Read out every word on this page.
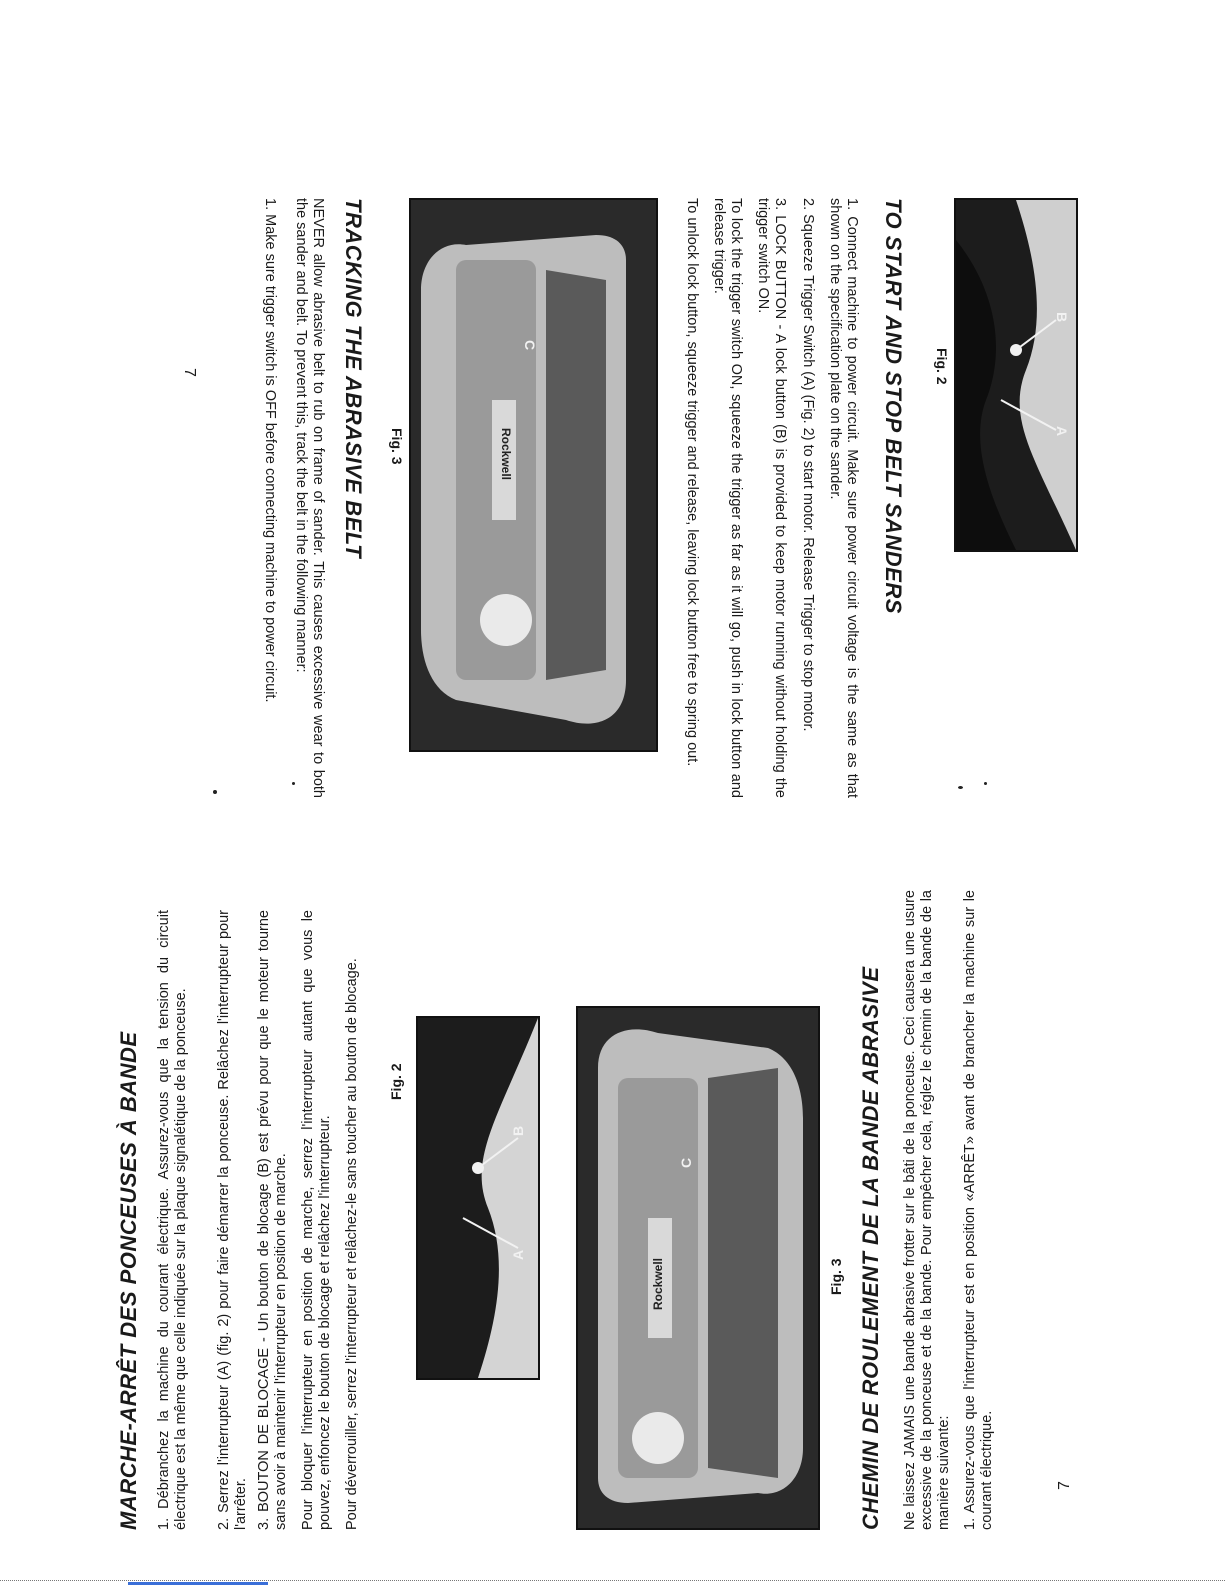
B
A
Fig. 2
TO START AND STOP BELT SANDERS

1. Connect machine to power circuit. Make sure power circuit voltage is the same as that shown on the specification plate on the sander.

2. Squeeze Trigger Switch (A) (Fig. 2) to start motor. Release Trigger to stop motor.

3. LOCK BUTTON - A lock button (B) is provided to keep motor running without holding the trigger switch ON.

To lock the trigger switch ON, squeeze the trigger as far as it will go, push in lock button and release trigger.

To unlock lock button, squeeze trigger and release, leaving lock button free to spring out.

Rockwell
C
Fig. 3
TRACKING THE ABRASIVE BELT

NEVER allow abrasive belt to rub on frame of sander. This causes excessive wear to both the sander and belt. To prevent this, track the belt in the following manner:

1. Make sure trigger switch is OFF before connecting machine to power circuit.

7
MARCHE-ARRÊT DES PONCEUSES À BANDE 1. Débranchez la machine du courant électrique. Assurez-vous que la tension du circuit électrique est la même que celle indiquée sur la plaque signalétique de la ponceuse. 2. Serrez l'interrupteur (A) (fig. 2) pour faire démarrer la ponceuse. Relâchez l'interrupteur pour l'arrêter. 3. BOUTON DE BLOCAGE - Un bouton de blocage (B) est prévu pour que le moteur tourne sans avoir à maintenir l'interrupteur en position de marche. Pour bloquer l'interrupteur en position de marche, serrez l'interrupteur autant que vous le pouvez, enfoncez le bouton de blocage et relâchez l'interrupteur. Pour déverrouiller, serrez l'interrupteur et relâchez-le sans toucher au bouton de blocage. Fig. 2
B
A
Rockwell
C
Fig. 3 CHEMIN DE ROULEMENT DE LA BANDE ABRASIVE Ne laissez JAMAIS une bande abrasive frotter sur le bâti de la ponceuse. Ceci causera une usure excessive de la ponceuse et de la bande. Pour empêcher cela, réglez le chemin de la bande de la manière suivante: 1. Assurez-vous que l'interrupteur est en position «ARRÊT» avant de brancher la machine sur le courant électrique.	7
